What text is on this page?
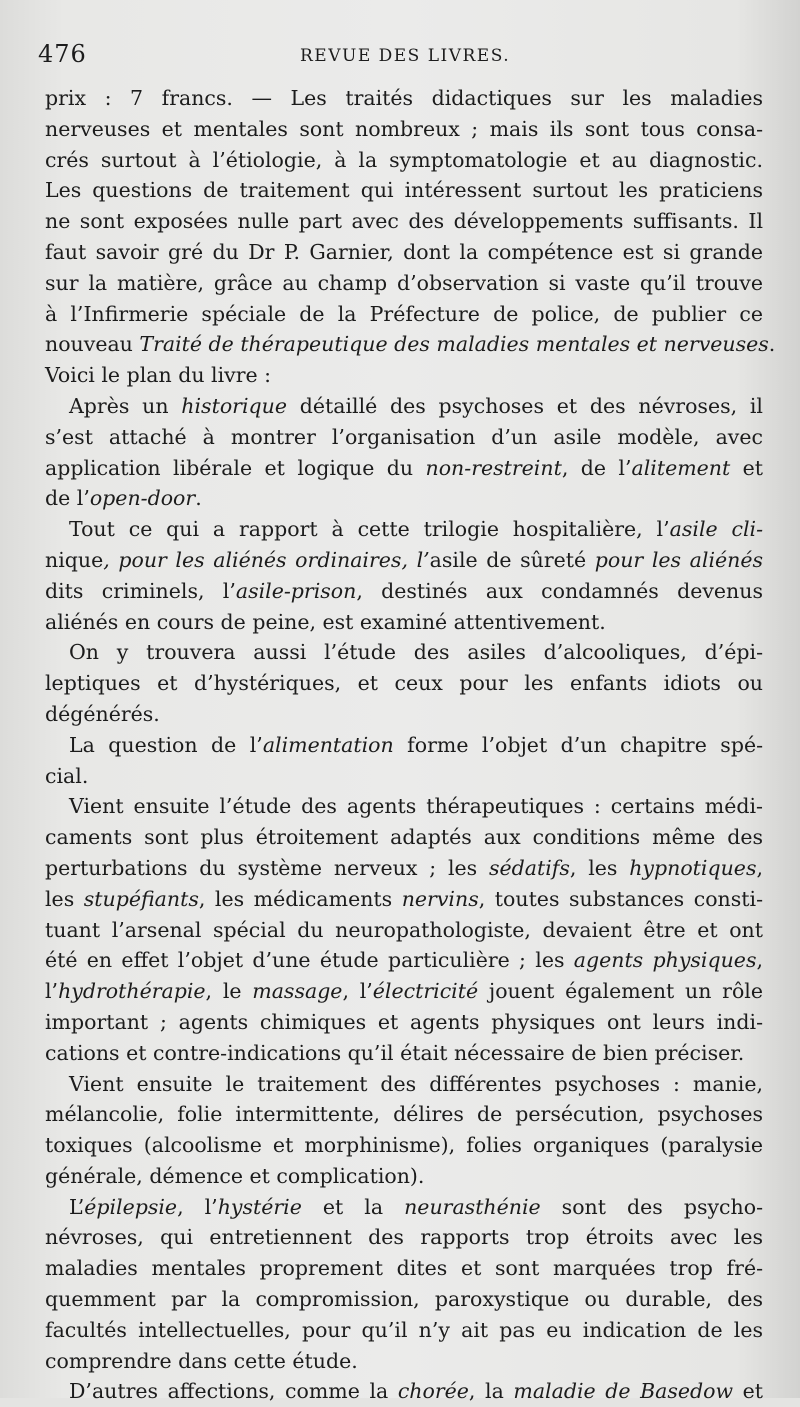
476	REVUE DES LIVRES.
prix : 7 francs. — Les traités didactiques sur les maladies
nerveuses et mentales sont nombreux ; mais ils sont tous consa-
crés surtout à l’étiologie, à la symptomatologie et au diagnostic.
Les questions de traitement qui intéressent surtout les praticiens
ne sont exposées nulle part avec des développements suffisants. Il
faut savoir gré du Dr P. Garnier, dont la compétence est si grande
sur la matière, grâce au champ d’observation si vaste qu’il trouve
à l’Infirmerie spéciale de la Préfecture de police, de publier ce
nouveau Traité de thérapeutique des maladies mentales et nerveuses.
Voici le plan du livre :
Après un historique détaillé des psychoses et des névroses, il
s’est attaché à montrer l’organisation d’un asile modèle, avec
application libérale et logique du non-restreint, de l’alitement et
de l’open-door.
Tout ce qui a rapport à cette trilogie hospitalière, l’asile cli-
nique, pour les aliénés ordinaires, l’asile de sûreté pour les aliénés
dits criminels, l’asile-prison, destinés aux condamnés devenus
aliénés en cours de peine, est examiné attentivement.
On y trouvera aussi l’étude des asiles d’alcooliques, d’épi-
leptiques et d’hystériques, et ceux pour les enfants idiots ou
dégénérés.
La question de l’alimentation forme l’objet d’un chapitre spé-
cial.
Vient ensuite l’étude des agents thérapeutiques : certains médi-
caments sont plus étroitement adaptés aux conditions même des
perturbations du système nerveux ; les sédatifs, les hypnotiques,
les stupéfiants, les médicaments nervins, toutes substances consti-
tuant l’arsenal spécial du neuropathologiste, devaient être et ont
été en effet l’objet d’une étude particulière ; les agents physiques,
l’hydrothérapie, le massage, l’électricité jouent également un rôle
important ; agents chimiques et agents physiques ont leurs indi-
cations et contre-indications qu’il était nécessaire de bien préciser.
Vient ensuite le traitement des différentes psychoses : manie,
mélancolie, folie intermittente, délires de persécution, psychoses
toxiques (alcoolisme et morphinisme), folies organiques (paralysie
générale, démence et complication).
L’épilepsie, l’hystérie et la neurasthénie sont des psycho-
névroses, qui entretiennent des rapports trop étroits avec les
maladies mentales proprement dites et sont marquées trop fré-
quemment par la compromission, paroxystique ou durable, des
facultés intellectuelles, pour qu’il n’y ait pas eu indication de les
comprendre dans cette étude.
D’autres affections, comme la chorée, la maladie de Basedow et
